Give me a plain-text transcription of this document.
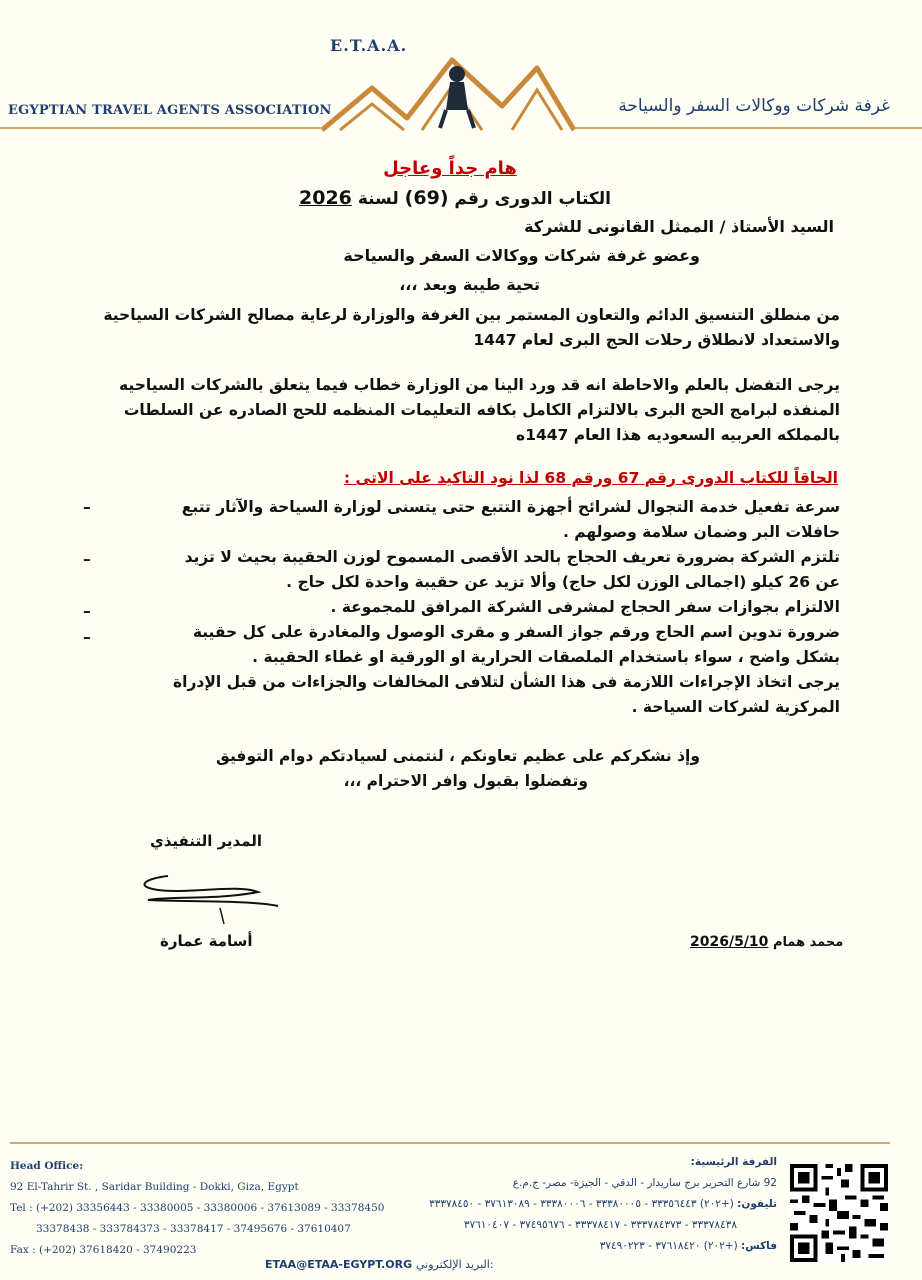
E.T.A.A.
EGYPTIAN TRAVEL AGENTS ASSOCIATION	غرفة شركات ووكالات السفر والسياحة
هام جداً وعاجل
الكتاب الدورى رقم (69) لسنة 2026
السيد الأستاذ / الممثل القانونى للشركة
وعضو غرفة شركات ووكالات السفر والسياحة
تحية طيبة وبعد ،،،
من منطلق التنسيق الدائم والتعاون المستمر بين الغرفة والوزارة لرعاية مصالح الشركات السياحية
والاستعداد لانطلاق رحلات الحج البرى لعام 1447
يرجى التفضل بالعلم والاحاطة انه قد ورد الينا من الوزارة خطاب فيما يتعلق بالشركات السياحيه
المنفذه لبرامج الحج البرى بالالتزام الكامل بكافه التعليمات المنظمه للحج الصادره عن السلطات
بالمملكه العربيه السعوديه هذا العام 1447ه
الحاقاً للكتاب الدورى رقم 67 ورقم 68 لذا نود التاكيد على الاتى :
–	سرعة تفعيل خدمة التجوال لشرائح أجهزة التتبع حتى يتسنى لوزارة السياحة والآثار تتبع
حافلات البر وضمان سلامة وصولهم .
–	تلتزم الشركة بضرورة تعريف الحجاج بالحد الأقصى المسموح لوزن الحقيبة بحيث لا تزيد
عن 26 كيلو (اجمالى الوزن لكل حاج) وألا تزيد عن حقيبة واحدة لكل حاج .
–	الالتزام بجوازات سفر الحجاج لمشرفى الشركة المرافق للمجموعة .
–	ضرورة تدوين اسم الحاج ورقم جواز السفر و مقرى الوصول والمغادرة على كل حقيبة
بشكل واضح ، سواء باستخدام الملصقات الحرارية او الورقية او غطاء الحقيبة .
يرجى اتخاذ الإجراءات اللازمة فى هذا الشأن لتلافى المخالفات والجزاءات من قبل الإدراة
المركزية لشركات السياحة .
وإذ نشكركم على عظيم تعاونكم ، لنتمنى لسيادتكم دوام التوفيق
وتفضلوا بقبول وافر الاحترام ،،،
المدير التنفيذي
أسامة عمارة	محمد همام 2026/5/10
Head Office:
92 El-Tahrir St. , Saridar Building - Dokki, Giza, Egypt
Tel : (+202) 33356443 - 33380005 - 33380006 - 37613089 - 33378450
33378438 - 333784373 - 33378417 - 37495676 - 37610407
Fax : (+202) 37618420 - 37490223
الفرفة الرئيسية:
92 شارع التحرير برج ساريدار - الدقي - الجيزة- مصر- ج.م.ع
تليفون: (+٢٠٢) ٣٣٣٥٦٤٤٣ - ٣٣٣٨٠٠٠٥ - ٣٣٣٨٠٠٠٦ - ٣٧٦١٣٠٨٩ - ٣٣٣٧٨٤٥٠
٣٣٣٧٨٤٣٨ - ٣٣٣٧٨٤٣٧٣ - ٣٣٣٧٨٤١٧ - ٣٧٤٩٥٦٧٦ - ٣٧٦١٠٤٠٧
فاكس: (+٢٠٢) ٣٧٦١٨٤٢٠ - ٣٧٤٩٠٢٢٣
ETAA@ETAA-EGYPT.ORG البريد الإلكتروني:
